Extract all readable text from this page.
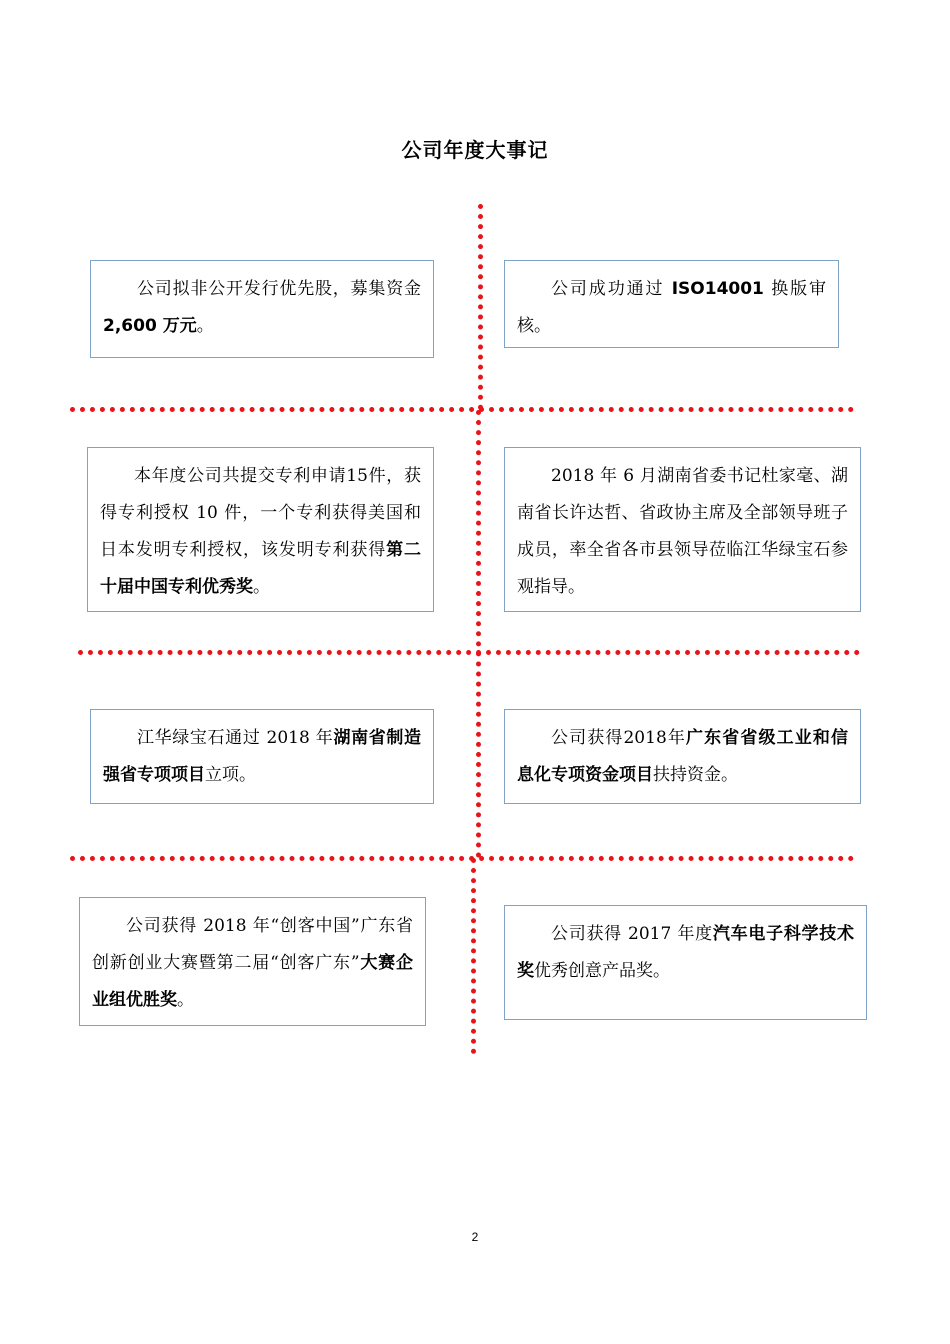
公司年度大事记
公司拟非公开发行优先股，募集资金 2,600 万元。
公司成功通过 ISO14001 换版审核。
本年度公司共提交专利申请15件，获得专利授权 10 件，一个专利获得美国和日本发明专利授权，该发明专利获得第二十届中国专利优秀奖。
2018 年 6 月湖南省委书记杜家毫、湖南省长许达哲、省政协主席及全部领导班子成员，率全省各市县领导莅临江华绿宝石参观指导。
江华绿宝石通过 2018 年湖南省制造强省专项项目立项。
公司获得2018年广东省省级工业和信息化专项资金项目扶持资金。
公司获得 2018 年“创客中国”广东省创新创业大赛暨第二届“创客广东”大赛企业组优胜奖。
公司获得 2017 年度汽车电子科学技术奖优秀创意产品奖。
2
